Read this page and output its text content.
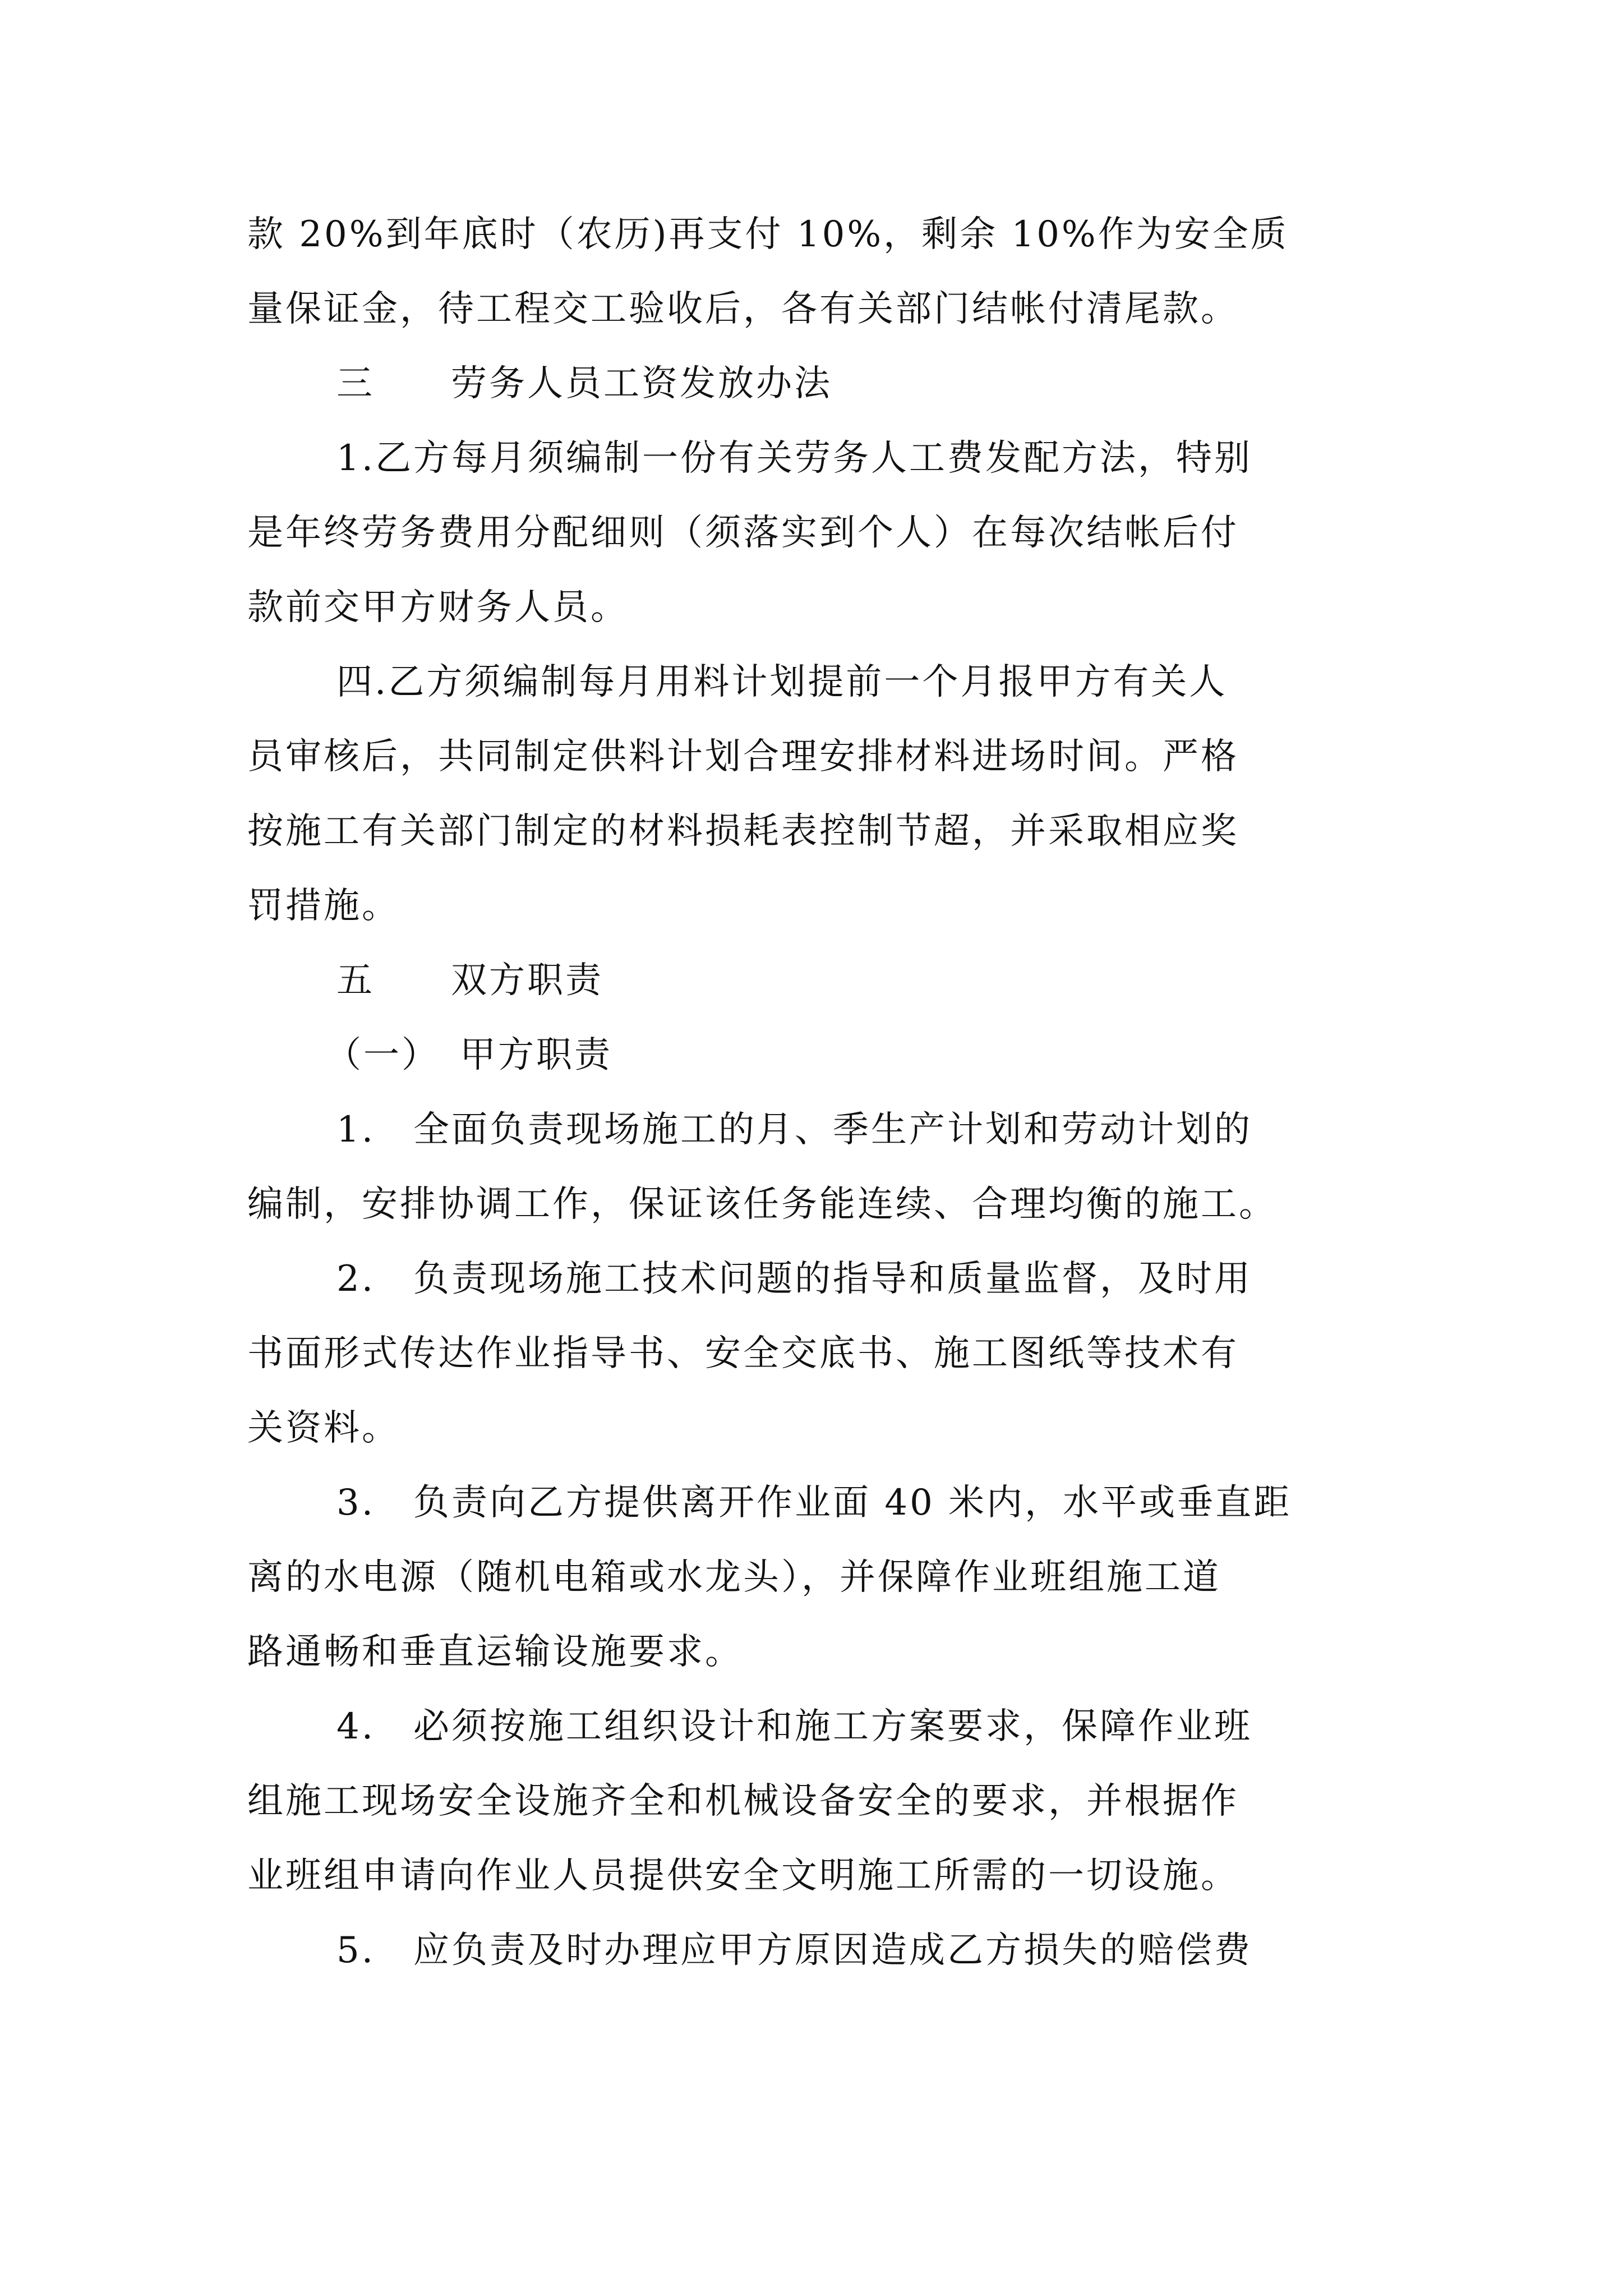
款 20%到年底时（农历)再支付 10%，剩余 10%作为安全质
量保证金，待工程交工验收后，各有关部门结帐付清尾款。
三　　劳务人员工资发放办法
1.乙方每月须编制一份有关劳务人工费发配方法，特别
是年终劳务费用分配细则（须落实到个人）在每次结帐后付
款前交甲方财务人员。
四.乙方须编制每月用料计划提前一个月报甲方有关人
员审核后，共同制定供料计划合理安排材料进场时间。严格
按施工有关部门制定的材料损耗表控制节超，并采取相应奖
罚措施。
五　　双方职责
（一）　甲方职责
1.　全面负责现场施工的月、季生产计划和劳动计划的
编制，安排协调工作，保证该任务能连续、合理均衡的施工。
2.　负责现场施工技术问题的指导和质量监督，及时用
书面形式传达作业指导书、安全交底书、施工图纸等技术有
关资料。
3.　负责向乙方提供离开作业面 40 米内，水平或垂直距
离的水电源（随机电箱或水龙头），并保障作业班组施工道
路通畅和垂直运输设施要求。
4.　必须按施工组织设计和施工方案要求，保障作业班
组施工现场安全设施齐全和机械设备安全的要求，并根据作
业班组申请向作业人员提供安全文明施工所需的一切设施。
5.　应负责及时办理应甲方原因造成乙方损失的赔偿费
